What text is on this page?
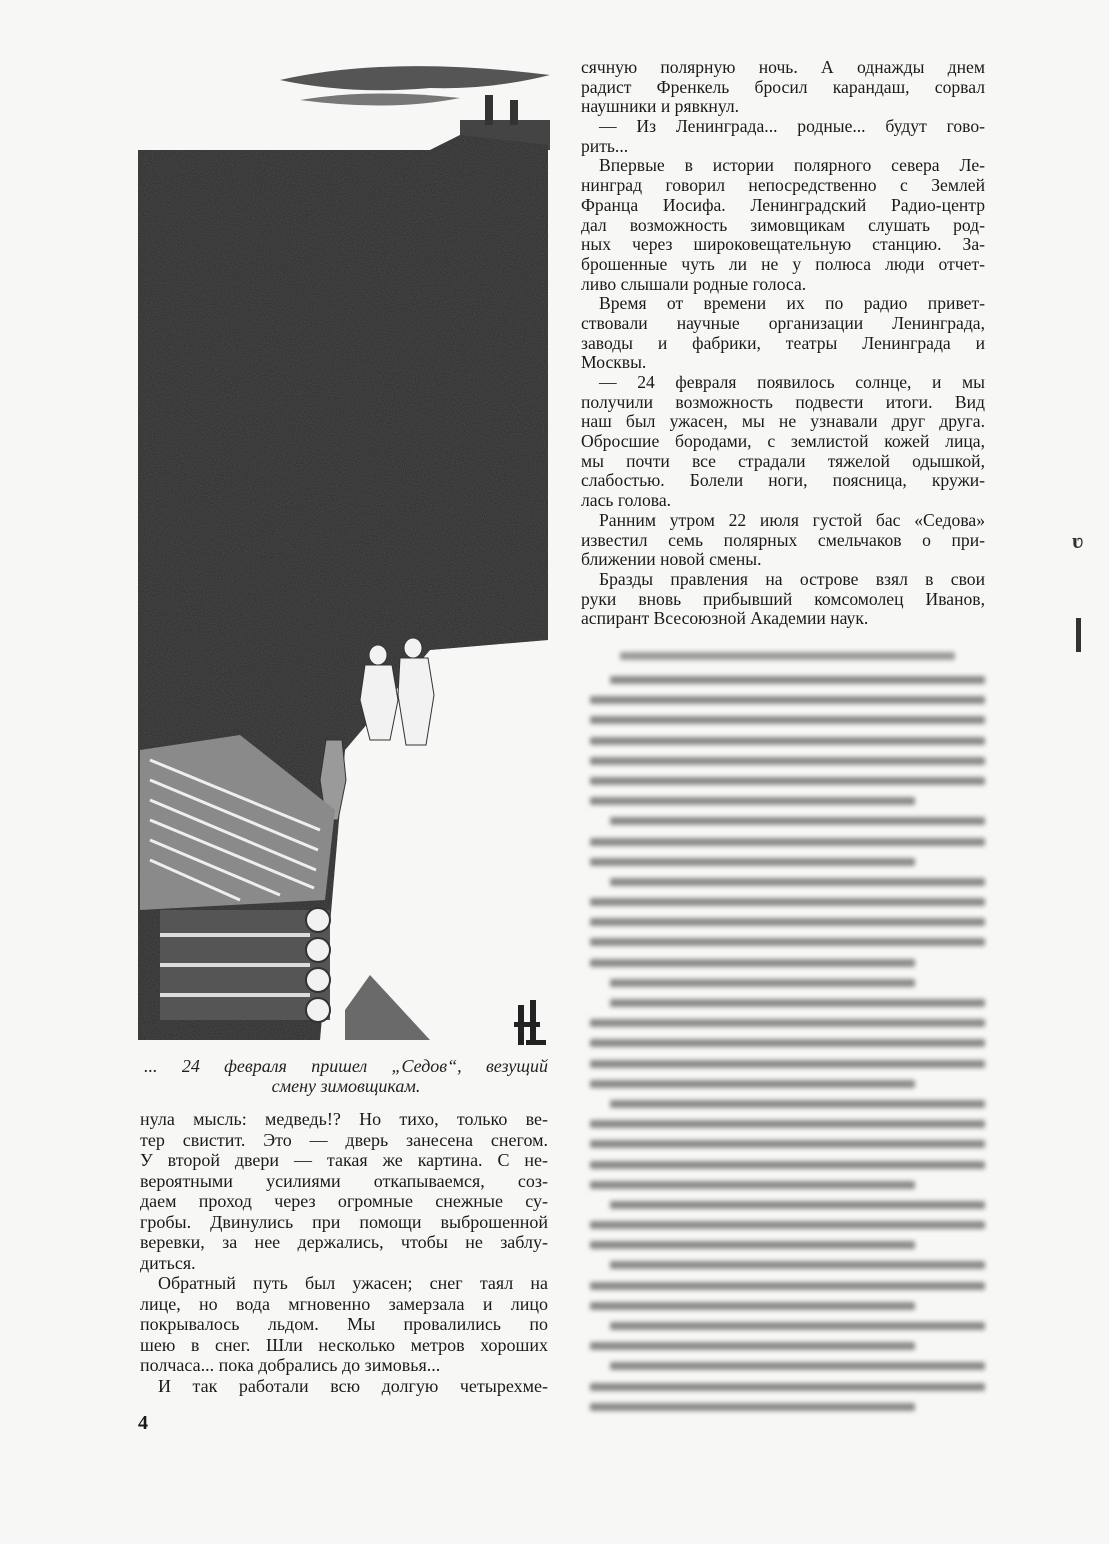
... 24 февраля пришел „Седов“, везущий
смену зимовщикам.
нула мысль: медведь!? Но тихо, только ве-
тер свистит. Это — дверь занесена снегом.
У второй двери — такая же картина. С не-
вероятными усилиями откапываемся, соз-
даем проход через огромные снежные су-
гробы. Двинулись при помощи выброшенной
веревки, за нее держались, чтобы не заблу-
диться.
Обратный путь был ужасен; снег таял на
лице, но вода мгновенно замерзала и лицо
покрывалось льдом. Мы провалились по
шею в снег. Шли несколько метров хороших
полчаса... пока добрались до зимовья...
И так работали всю долгую четырехме-
сячную полярную ночь. А однажды днем
радист Френкель бросил карандаш, сорвал
наушники и рявкнул.
— Из Ленинграда... родные... будут гово-
рить...
Впервые в истории полярного севера Ле-
нинград говорил непосредственно с Землей
Франца Иосифа. Ленинградский Радио-центр
дал возможность зимовщикам слушать род-
ных через широковещательную станцию. За-
брошенные чуть ли не у полюса люди отчет-
ливо слышали родные голоса.
Время от времени их по радио привет-
ствовали научные организации Ленинграда,
заводы и фабрики, театры Ленинграда и
Москвы.
— 24 февраля появилось солнце, и мы
получили возможность подвести итоги. Вид
наш был ужасен, мы не узнавали друг друга.
Обросшие бородами, с землистой кожей лица,
мы почти все страдали тяжелой одышкой,
слабостью. Болели ноги, поясница, кружи-
лась голова.
Ранним утром 22 июля густой бас «Седова»
известил семь полярных смельчаков о при-
ближении новой смены.
Бразды правления на острове взял в свои
руки вновь прибывший комсомолец Иванов,
аспирант Всесоюзной Академии наук.
4
ʋ
